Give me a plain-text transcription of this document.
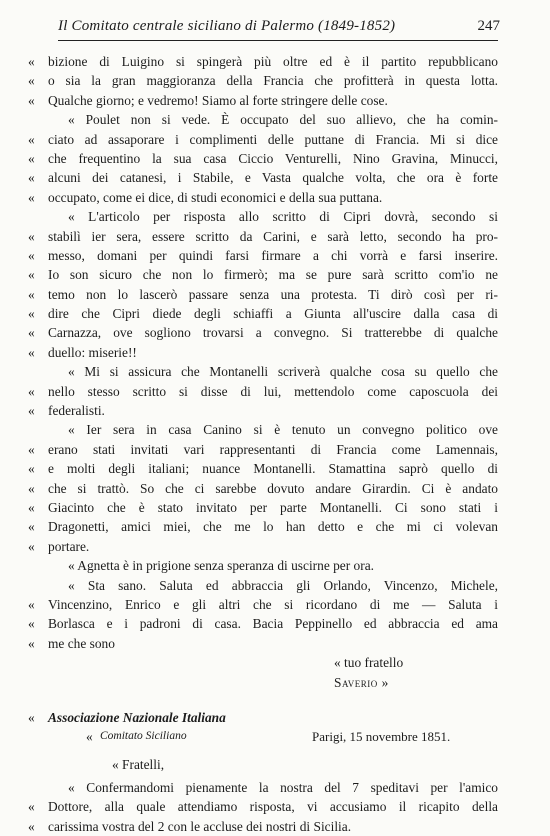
Il Comitato centrale siciliano di Palermo (1849-1852)	247
« bizione di Luigino si spingerà più oltre ed è il partito repubblicano
« o sia la gran maggioranza della Francia che profitterà in questa lotta.
« Qualche giorno; e vedremo! Siamo al forte stringere delle cose.
« Poulet non si vede. È occupato del suo allievo, che ha comin-
« ciato ad assaporare i complimenti delle puttane di Francia. Mi si dice
« che frequentino la sua casa Ciccio Venturelli, Nino Gravina, Minucci,
« alcuni dei catanesi, i Stabile, e Vasta qualche volta, che ora è forte
« occupato, come ei dice, di studi economici e della sua puttana.
« L'articolo per risposta allo scritto di Cipri dovrà, secondo si
« stabilì ier sera, essere scritto da Carini, e sarà letto, secondo ha pro-
« messo, domani per quindi farsi firmare a chi vorrà e farsi inserire.
« Io son sicuro che non lo firmerò; ma se pure sarà scritto com'io ne
« temo non lo lascerò passare senza una protesta. Ti dirò così per ri-
« dire che Cipri diede degli schiaffi a Giunta all'uscire dalla casa di
« Carnazza, ove sogliono trovarsi a convegno. Si tratterebbe di qualche
« duello: miserie!!
« Mi si assicura che Montanelli scriverà qualche cosa su quello che
« nello stesso scritto si disse di lui, mettendolo come caposcuola dei
« federalisti.
« Ier sera in casa Canino si è tenuto un convegno politico ove
« erano stati invitati vari rappresentanti di Francia come Lamennais,
« e molti degli italiani; nuance Montanelli. Stamattina saprò quello di
« che si trattò. So che ci sarebbe dovuto andare Girardin. Ci è andato
« Giacinto che è stato invitato per parte Montanelli. Ci sono stati i
« Dragonetti, amici miei, che me lo han detto e che mi ci volevan
« portare.
« Agnetta è in prigione senza speranza di uscirne per ora.
« Sta sano. Saluta ed abbraccia gli Orlando, Vincenzo, Michele,
« Vincenzino, Enrico e gli altri che si ricordano di me — Saluta i
« Borlasca e i padroni di casa. Bacia Peppinello ed abbraccia ed ama
« me che sono
« tuo fratello
Saverio »
« Associazione Nazionale Italiana
« Comitato Siciliano	Parigi, 15 novembre 1851.
« Fratelli,
« Confermandomi pienamente la nostra del 7 speditavi per l'amico
« Dottore, alla quale attendiamo risposta, vi accusiamo il ricapito della
« carissima vostra del 2 con le accluse dei nostri di Sicilia.
